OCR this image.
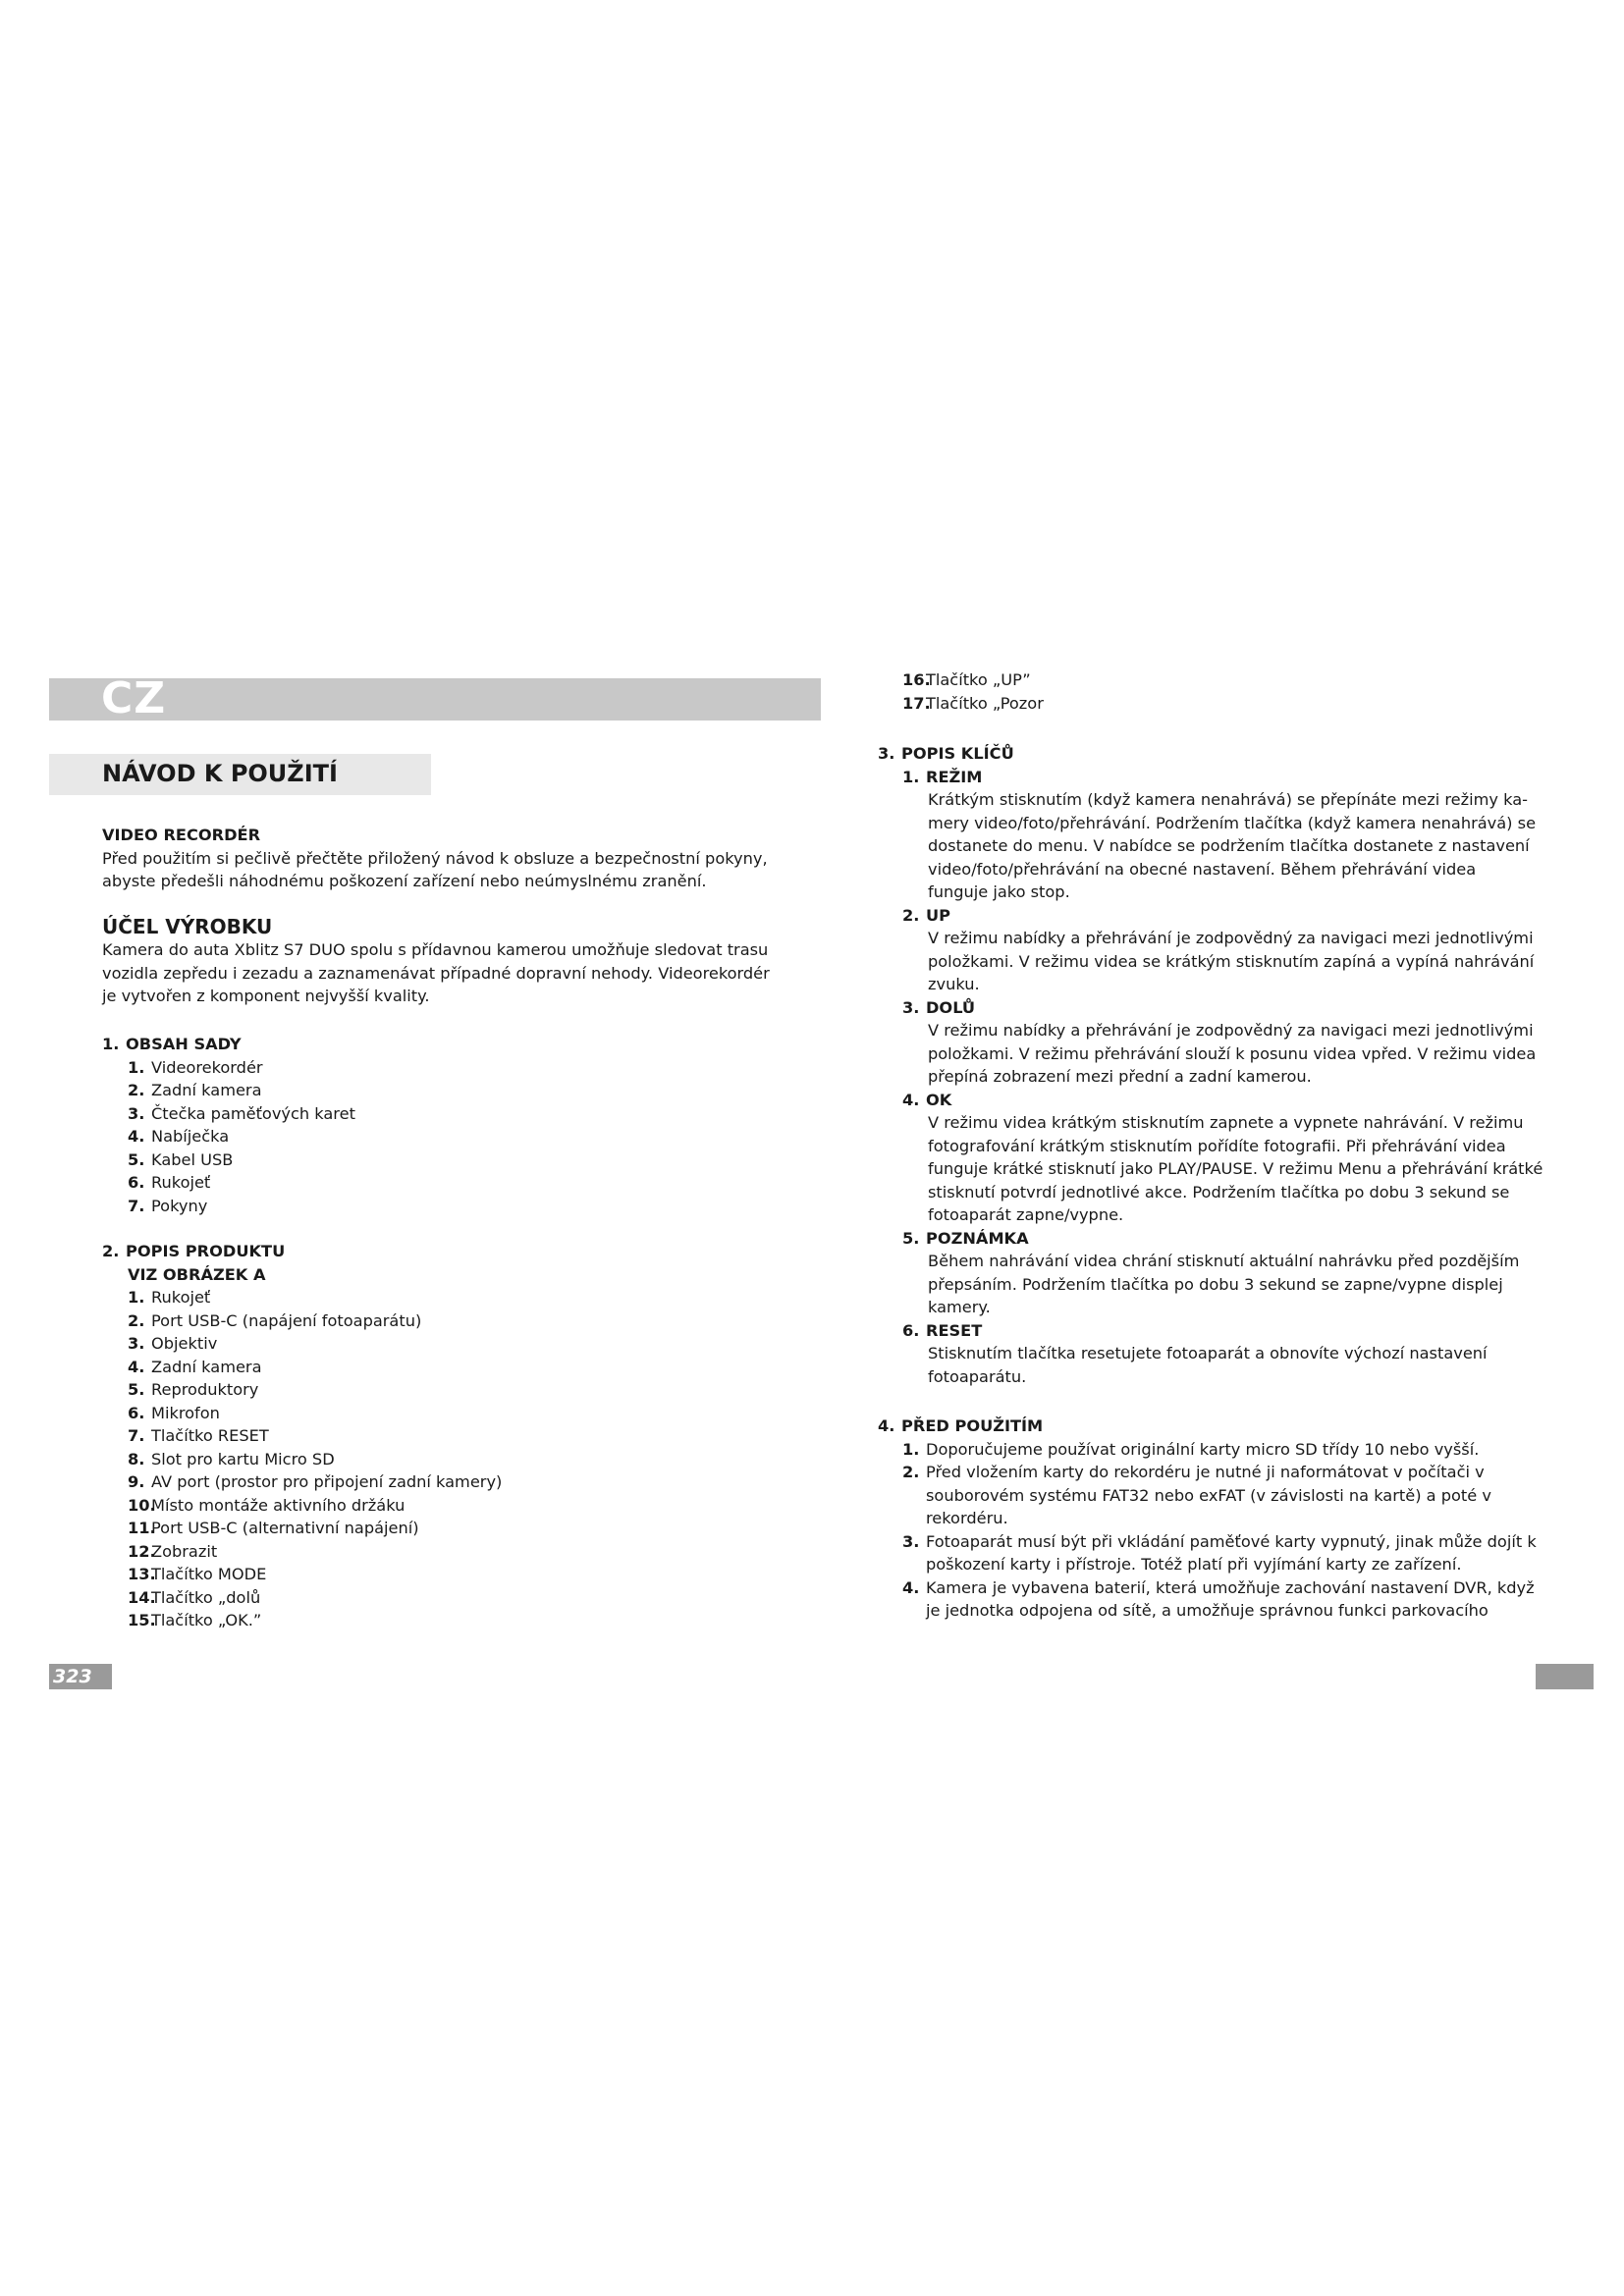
CZ
NÁVOD K POUŽITÍ
VIDEO RECORDÉR

Před použitím si pečlivě přečtěte přiložený návod k obsluze a bezpečnostní pokyny,

abyste předešli náhodnému poškození zařízení nebo neúmyslnému zranění.

ÚČEL VÝROBKU

Kamera do auta Xblitz S7 DUO spolu s přídavnou kamerou umožňuje sledovat trasu

vozidla zepředu i zezadu a zaznamenávat případné dopravní nehody. Videorekordér

je vytvořen z komponent nejvyšší kvality.

1. OBSAH SADY
1. Videorekordér
2. Zadní kamera
3. Čtečka paměťových karet
4. Nabíječka
5. Kabel USB
6. Rukojeť
7. Pokyny
2. POPIS PRODUKTU
VIZ OBRÁZEK A
1. Rukojeť
2. Port USB-C (napájení fotoaparátu)
3. Objektiv
4. Zadní kamera
5. Reproduktory
6. Mikrofon
7. Tlačítko RESET
8. Slot pro kartu Micro SD
9. AV port (prostor pro připojení zadní kamery)
10.
Místo montáže aktivního držáku
11.
Port USB-C (alternativní napájení)
12.
Zobrazit
13.
Tlačítko MODE
14.
Tlačítko „dolů
15.
Tlačítko „OK.”
16.
Tlačítko „UP”
17.
Tlačítko „Pozor
3. POPIS KLÍČŮ
1. REŽIM

Krátkým stisknutím (když kamera nenahrává) se přepínáte mezi režimy ka-

mery video/foto/přehrávání. Podržením tlačítka (když kamera nenahrává) se

dostanete do menu. V nabídce se podržením tlačítka dostanete z nastavení

video/foto/přehrávání na obecné nastavení. Během přehrávání videa

funguje jako stop.

2. UP

V režimu nabídky a přehrávání je zodpovědný za navigaci mezi jednotlivými

položkami. V režimu videa se krátkým stisknutím zapíná a vypíná nahrávání

zvuku.

3. DOLŮ

V režimu nabídky a přehrávání je zodpovědný za navigaci mezi jednotlivými

položkami. V režimu přehrávání slouží k posunu videa vpřed. V režimu videa

přepíná zobrazení mezi přední a zadní kamerou.

4. OK

V režimu videa krátkým stisknutím zapnete a vypnete nahrávání. V režimu

fotografování krátkým stisknutím pořídíte fotografii. Při přehrávání videa

funguje krátké stisknutí jako PLAY/PAUSE. V režimu Menu a přehrávání krátké

stisknutí potvrdí jednotlivé akce. Podržením tlačítka po dobu 3 sekund se

fotoaparát zapne/vypne.

5. POZNÁMKA

Během nahrávání videa chrání stisknutí aktuální nahrávku před pozdějším

přepsáním. Podržením tlačítka po dobu 3 sekund se zapne/vypne displej

kamery.

6. RESET

Stisknutím tlačítka resetujete fotoaparát a obnovíte výchozí nastavení

fotoaparátu.

4. PŘED POUŽITÍM
1. Doporučujeme používat originální karty micro SD třídy 10 nebo vyšší.

2. Před vložením karty do rekordéru je nutné ji naformátovat v počítači v

souborovém systému FAT32 nebo exFAT (v závislosti na kartě) a poté v

rekordéru.

3. Fotoaparát musí být při vkládání paměťové karty vypnutý, jinak může dojít k

poškození karty i přístroje. Totéž platí při vyjímání karty ze zařízení.

4. Kamera je vybavena baterií, která umožňuje zachování nastavení DVR, když

je jednotka odpojena od sítě, a umožňuje správnou funkci parkovacího

323
